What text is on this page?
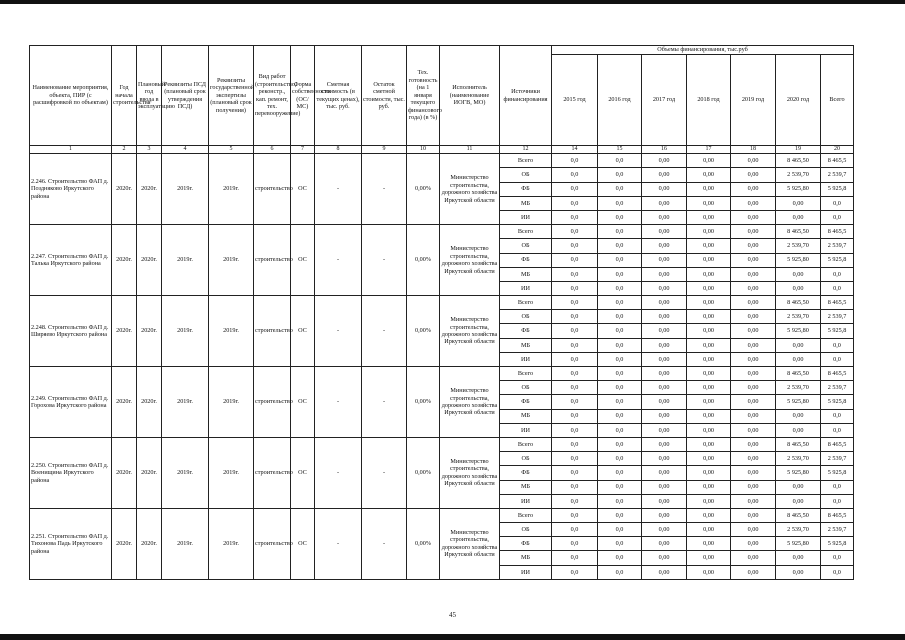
Наименование мероприятия, объекта, ПИР (с расшифровкой по объектам)	Год начала строительства	Плановый год ввода в эксплуатацию	Реквизиты ПСД (плановый срок утверждения ПСД)	Реквизиты государственной экспертизы (плановый срок получения)	Вид работ (строительство, реконстр., кап. ремонт, тех. перевооружение)	Форма собственности (ОС/МС)	Сметная стоимость (в текущих ценах), тыс. руб.	Остаток сметной стоимости, тыс. руб.	Тех. готовность (на 1 января текущего финансового года) (в %)	Исполнитель (наименование ИОГВ, МО)	Источники финансирования	Объемы финансирования, тыс.руб						
												2015 год	2016 год	2017 год	2018 год	2019 год	2020 год	Всего
1	2	3	4	5	6	7	8	9	10	11	12	14	15	16	17	18	19	20
2.246. Строительство ФАП д. Поздняково Иркутского района	2020г.	2020г.	2019г.	2019г.	строительство	ОС	-	-	0,00%	Министерство строительства, дорожного хозяйства Иркутской области	Всего	0,0	0,0	0,00	0,00	0,00	8 465,50	8 465,5
											ОБ	0,0	0,0	0,00	0,00	0,00	2 539,70	2 539,7
											ФБ	0,0	0,0	0,00	0,00	0,00	5 925,80	5 925,8
											МБ	0,0	0,0	0,00	0,00	0,00	0,00	0,0
											ИИ	0,0	0,0	0,00	0,00	0,00	0,00	0,0
2.247. Строительство ФАП д. Талька Иркутского района	2020г.	2020г.	2019г.	2019г.	строительство	ОС	-	-	0,00%	Министерство строительства, дорожного хозяйства Иркутской области	Всего	0,0	0,0	0,00	0,00	0,00	8 465,50	8 465,5
											ОБ	0,0	0,0	0,00	0,00	0,00	2 539,70	2 539,7
											ФБ	0,0	0,0	0,00	0,00	0,00	5 925,80	5 925,8
											МБ	0,0	0,0	0,00	0,00	0,00	0,00	0,0
											ИИ	0,0	0,0	0,00	0,00	0,00	0,00	0,0
2.248. Строительство ФАП д. Ширяево Иркутского района	2020г.	2020г.	2019г.	2019г.	строительство	ОС	-	-	0,00%	Министерство строительства, дорожного хозяйства Иркутской области	Всего	0,0	0,0	0,00	0,00	0,00	8 465,50	8 465,5
											ОБ	0,0	0,0	0,00	0,00	0,00	2 539,70	2 539,7
											ФБ	0,0	0,0	0,00	0,00	0,00	5 925,80	5 925,8
											МБ	0,0	0,0	0,00	0,00	0,00	0,00	0,0
											ИИ	0,0	0,0	0,00	0,00	0,00	0,00	0,0
2.249. Строительство ФАП д. Горохова Иркутского района	2020г.	2020г.	2019г.	2019г.	строительство	ОС	-	-	0,00%	Министерство строительства, дорожного хозяйства Иркутской области	Всего	0,0	0,0	0,00	0,00	0,00	8 465,50	8 465,5
											ОБ	0,0	0,0	0,00	0,00	0,00	2 539,70	2 539,7
											ФБ	0,0	0,0	0,00	0,00	0,00	5 925,80	5 925,8
											МБ	0,0	0,0	0,00	0,00	0,00	0,00	0,0
											ИИ	0,0	0,0	0,00	0,00	0,00	0,00	0,0
2.250. Строительство ФАП д. Военищина Иркутского района	2020г.	2020г.	2019г.	2019г.	строительство	ОС	-	-	0,00%	Министерство строительства, дорожного хозяйства Иркутской области	Всего	0,0	0,0	0,00	0,00	0,00	8 465,50	8 465,5
											ОБ	0,0	0,0	0,00	0,00	0,00	2 539,70	2 539,7
											ФБ	0,0	0,0	0,00	0,00	0,00	5 925,80	5 925,8
											МБ	0,0	0,0	0,00	0,00	0,00	0,00	0,0
											ИИ	0,0	0,0	0,00	0,00	0,00	0,00	0,0
2.251. Строительство ФАП д. Тихонова Падь Иркутского района	2020г.	2020г.	2019г.	2019г.	строительство	ОС	-	-	0,00%	Министерство строительства, дорожного хозяйства Иркутской области	Всего	0,0	0,0	0,00	0,00	0,00	8 465,50	8 465,5
											ОБ	0,0	0,0	0,00	0,00	0,00	2 539,70	2 539,7
											ФБ	0,0	0,0	0,00	0,00	0,00	5 925,80	5 925,8
											МБ	0,0	0,0	0,00	0,00	0,00	0,00	0,0
											ИИ	0,0	0,0	0,00	0,00	0,00	0,00	0,0
45
